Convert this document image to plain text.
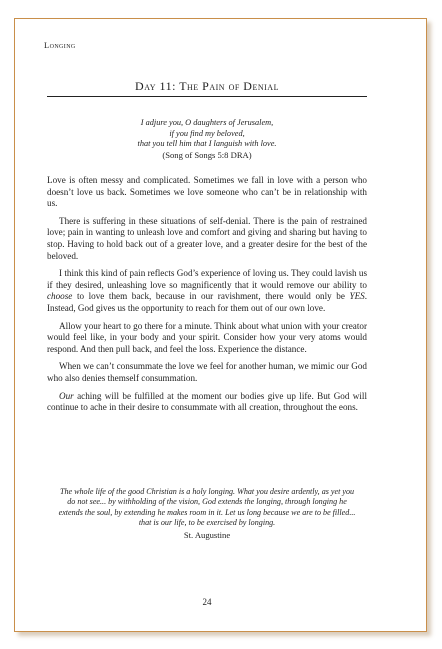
Longing
Day 11: The Pain of Denial
I adjure you, O daughters of Jerusalem,
if you find my beloved,
that you tell him that I languish with love.
(Song of Songs 5:8 DRA)

Love is often messy and complicated. Sometimes we fall in love with a person who doesn’t love us back. Sometimes we love someone who can’t be in relationship with us.

There is suffering in these situations of self-denial. There is the pain of restrained love; pain in wanting to unleash love and comfort and giving and sharing but having to stop. Having to hold back out of a greater love, and a greater desire for the best of the beloved.

I think this kind of pain reflects God’s experience of loving us. They could lavish us if they desired, unleashing love so magnificently that it would remove our ability to choose to love them back, because in our ravishment, there would only be YES. Instead, God gives us the opportunity to reach for them out of our own love.

Allow your heart to go there for a minute. Think about what union with your creator would feel like, in your body and your spirit. Consider how your very atoms would respond. And then pull back, and feel the loss. Experience the distance.

When we can’t consummate the love we feel for another human, we mimic our God who also denies themself consummation.

Our aching will be fulfilled at the moment our bodies give up life. But God will continue to ache in their desire to consummate with all creation, throughout the eons.

The whole life of the good Christian is a holy longing. What you desire ardently, as yet you do not see... by withholding of the vision, God extends the longing, through longing he extends the soul, by extending he makes room in it. Let us long because we are to be filled... that is our life, to be exercised by longing.
St. Augustine
24
